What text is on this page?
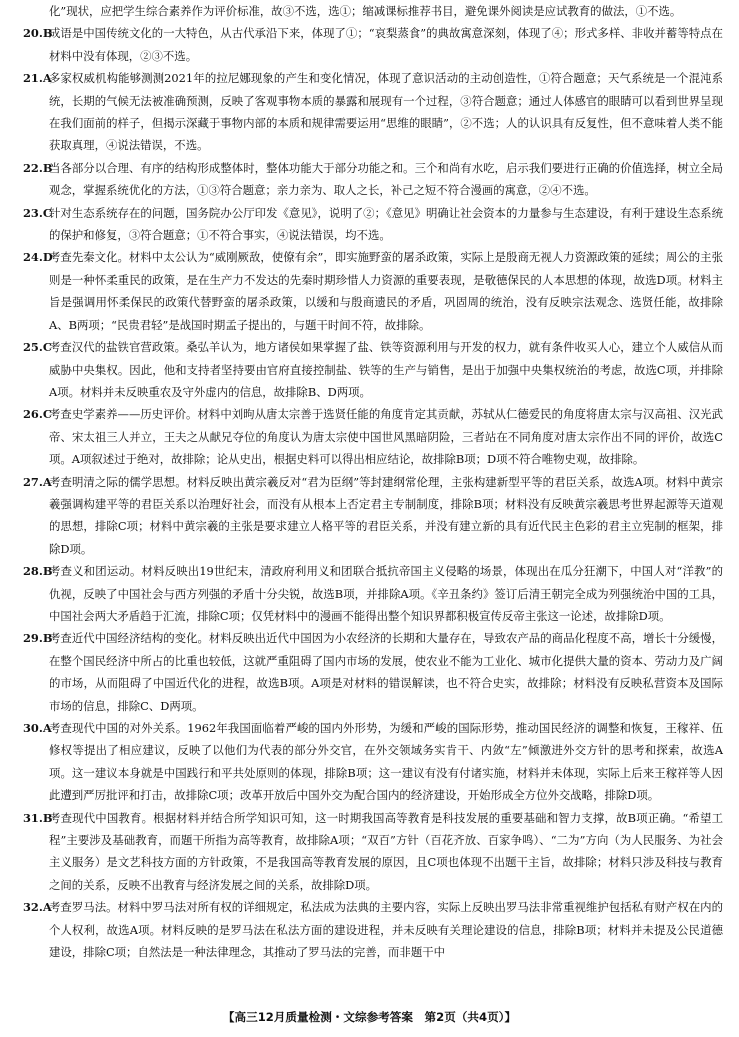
化”现状，应把学生综合素养作为评价标准，故③不选，选①；缩减课标推荐书目，避免课外阅读是应试教育的做法，①不选。

20.B

成语是中国传统文化的一大特色，从古代承沿下来，体现了①；“哀梨蒸食”的典故寓意深刻，体现了④；形式多样、非收并蓄等特点在材料中没有体现，②③不选。

21.A

多家权威机构能够测测2021年的拉尼娜现象的产生和变化情况，体现了意识活动的主动创造性，①符合题意；天气系统是一个混沌系统，长期的气候无法被准确预测，反映了客观事物本质的暴露和展现有一个过程，③符合题意；通过人体感官的眼睛可以看到世界呈现在我们面前的样子，但揭示深藏于事物内部的本质和规律需要运用“思维的眼睛”，②不选；人的认识具有反复性，但不意味着人类不能获取真理，④说法错误，不选。

22.B

当各部分以合理、有序的结构形成整体时，整体功能大于部分功能之和。三个和尚有水吃，启示我们要进行正确的价值选择，树立全局观念，掌握系统优化的方法，①③符合题意；亲力亲为、取人之长，补己之短不符合漫画的寓意，②④不选。

23.C

针对生态系统存在的问题，国务院办公厅印发《意见》，说明了②；《意见》明确让社会资本的力量参与生态建设，有利于建设生态系统的保护和修复，③符合题意；①不符合事实，④说法错误，均不选。

24.D

考查先秦文化。材料中太公认为“威刚厥敌，使僚有余”，即实施野蛮的屠杀政策，实际上是殷商无视人力资源政策的延续；周公的主张则是一种怀柔重民的政策，是在生产力不发达的先秦时期珍惜人力资源的重要表现，是敬德保民的人本思想的体现，故选D项。材料主旨是强调用怀柔保民的政策代替野蛮的屠杀政策，以缓和与殷商遗民的矛盾，巩固周的统治，没有反映宗法观念、选贤任能，故排除A、B两项；“民贵君轻”是战国时期孟子提出的，与题干时间不符，故排除。

25.C

考查汉代的盐铁官营政策。桑弘羊认为，地方诸侯如果掌握了盐、铁等资源利用与开发的权力，就有条件收买人心，建立个人威信从而威胁中央集权。因此，他和支持者坚持要由官府直接控制盐、铁等的生产与销售，是出于加强中央集权统治的考虑，故选C项，并排除A项。材料并未反映重农及守外虚内的信息，故排除B、D两项。

26.C

考查史学素养——历史评价。材料中刘昫从唐太宗善于选贤任能的角度肯定其贡献，苏轼从仁德爱民的角度将唐太宗与汉高祖、汉光武帝、宋太祖三人并立，王夫之从献兄夺位的角度认为唐太宗使中国世风黑暗阴险，三者站在不同角度对唐太宗作出不同的评价，故选C项。A项叙述过于绝对，故排除；论从史出，根据史料可以得出相应结论，故排除B项；D项不符合唯物史观，故排除。

27.A

考查明清之际的儒学思想。材料反映出黄宗羲反对“君为臣纲”等封建纲常伦理，主张构建新型平等的君臣关系，故选A项。材料中黄宗羲强调构建平等的君臣关系以治理好社会，而没有从根本上否定君主专制制度，排除B项；材料没有反映黄宗羲思考世界起源等天道观的思想，排除C项；材料中黄宗羲的主张是要求建立人格平等的君臣关系，并没有建立新的具有近代民主色彩的君主立宪制的框架，排除D项。

28.B

考查义和团运动。材料反映出19世纪末，清政府利用义和团联合抵抗帝国主义侵略的场景，体现出在瓜分狂潮下，中国人对“洋教”的仇视，反映了中国社会与西方列强的矛盾十分尖锐，故选B项，并排除A项。《辛丑条约》签订后清王朝完全成为列强统治中国的工具，中国社会两大矛盾趋于汇流，排除C项；仅凭材料中的漫画不能得出整个知识界都积极宣传反帝主张这一论述，故排除D项。

29.B

考查近代中国经济结构的变化。材料反映出近代中国因为小农经济的长期和大量存在，导致农产品的商品化程度不高，增长十分缓慢，在整个国民经济中所占的比重也较低，这就严重阻碍了国内市场的发展，使农业不能为工业化、城市化提供大量的资本、劳动力及广阔的市场，从而阻碍了中国近代化的进程，故选B项。A项是对材料的错误解读，也不符合史实，故排除；材料没有反映私营资本及国际市场的信息，排除C、D两项。

30.A

考查现代中国的对外关系。1962年我国面临着严峻的国内外形势，为缓和严峻的国际形势，推动国民经济的调整和恢复，王稼祥、伍修权等提出了相应建议，反映了以他们为代表的部分外交官，在外交领域务实肯干、内敛“左”倾激进外交方针的思考和探索，故选A项。这一建议本身就是中国践行和平共处原则的体现，排除B项；这一建议有没有付诸实施，材料并未体现，实际上后来王稼祥等人因此遭到严厉批评和打击，故排除C项；改革开放后中国外交为配合国内的经济建设，开始形成全方位外交战略，排除D项。

31.B

考查现代中国教育。根据材料并结合所学知识可知，这一时期我国高等教育是科技发展的重要基础和智力支撑，故B项正确。“希望工程”主要涉及基础教育，而题干所指为高等教育，故排除A项；“双百”方针（百花齐放、百家争鸣）、“二为”方向（为人民服务、为社会主义服务）是文艺科技方面的方针政策，不是我国高等教育发展的原因，且C项也体现不出题干主旨，故排除；材料只涉及科技与教育之间的关系，反映不出教育与经济发展之间的关系，故排除D项。

32.A

考查罗马法。材料中罗马法对所有权的详细规定，私法成为法典的主要内容，实际上反映出罗马法非常重视维护包括私有财产权在内的个人权利，故选A项。材料反映的是罗马法在私法方面的建设进程，并未反映有关理论建设的信息，排除B项；材料并未提及公民道德建设，排除C项；自然法是一种法律理念，其推动了罗马法的完善，而非题干中

【高三12月质量检测・文综参考答案　第2页（共4页）】
